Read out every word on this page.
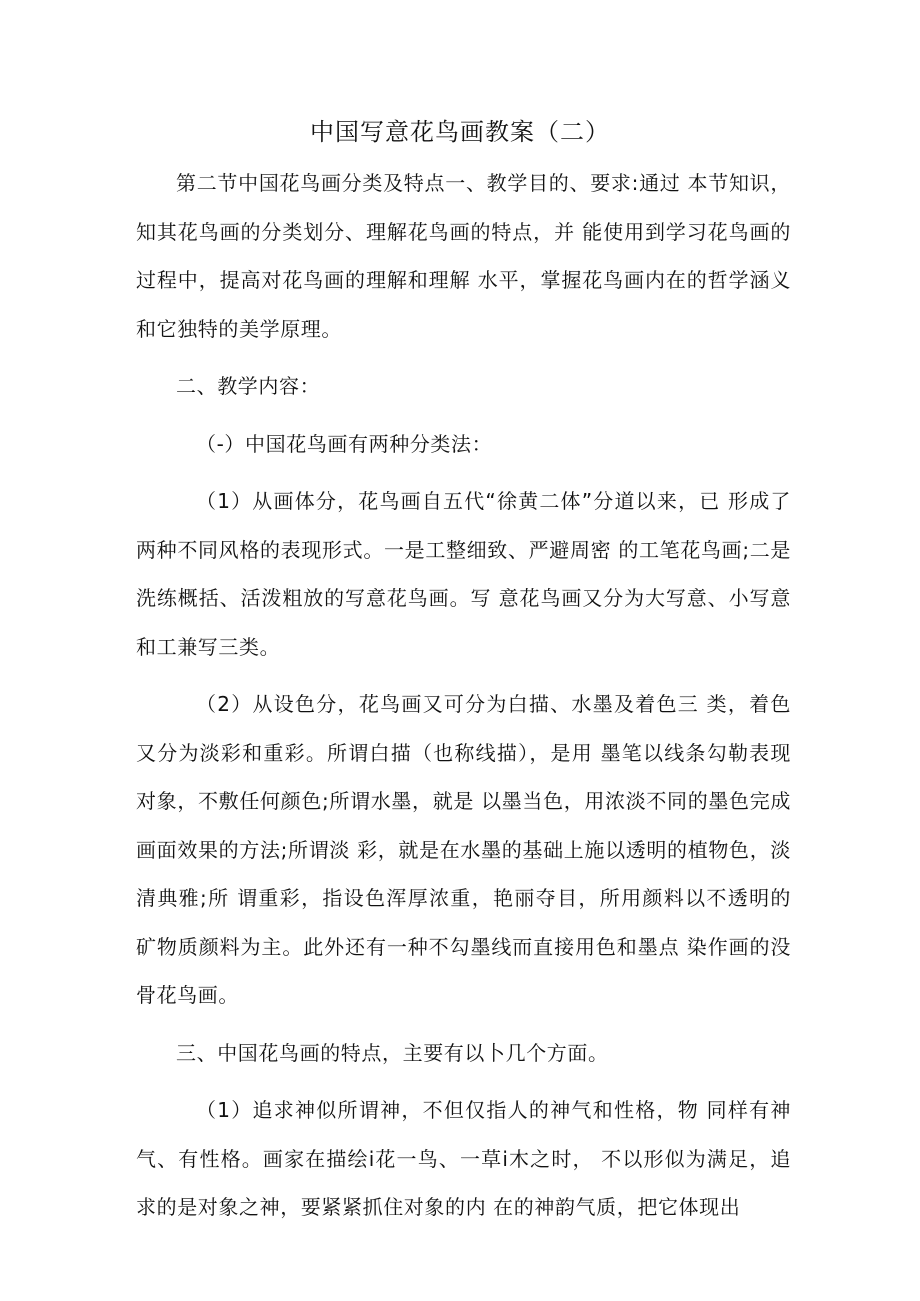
中国写意花鸟画教案（二）

第二节中国花鸟画分类及特点一、教学目的、要求:通过 本节知识，知其花鸟画的分类划分、理解花鸟画的特点，并 能使用到学习花鸟画的过程中，提高对花鸟画的理解和理解 水平，掌握花鸟画内在的哲学涵义和它独特的美学原理。

二、教学内容：

（-）中国花鸟画有两种分类法：

（1）从画体分，花鸟画自五代“徐黄二体”分道以来，已 形成了两种不同风格的表现形式。一是工整细致、严避周密 的工笔花鸟画;二是洗练概括、活泼粗放的写意花鸟画。写 意花鸟画又分为大写意、小写意和工兼写三类。

（2）从设色分，花鸟画又可分为白描、水墨及着色三 类，着色又分为淡彩和重彩。所谓白描（也称线描），是用 墨笔以线条勾勒表现对象，不敷任何颜色;所谓水墨，就是 以墨当色，用浓淡不同的墨色完成画面效果的方法;所谓淡 彩，就是在水墨的基础上施以透明的植物色，淡清典雅;所 谓重彩，指设色浑厚浓重，艳丽夺目，所用颜料以不透明的 矿物质颜料为主。此外还有一种不勾墨线而直接用色和墨点 染作画的没骨花鸟画。

三、中国花鸟画的特点，主要有以卜几个方面。

（1）追求神似所谓神，不但仅指人的神气和性格，物 同样有神气、有性格。画家在描绘i花一鸟、一草i木之时， 不以形似为满足，追求的是对象之神，要紧紧抓住对象的内 在的神韵气质，把它体现出
